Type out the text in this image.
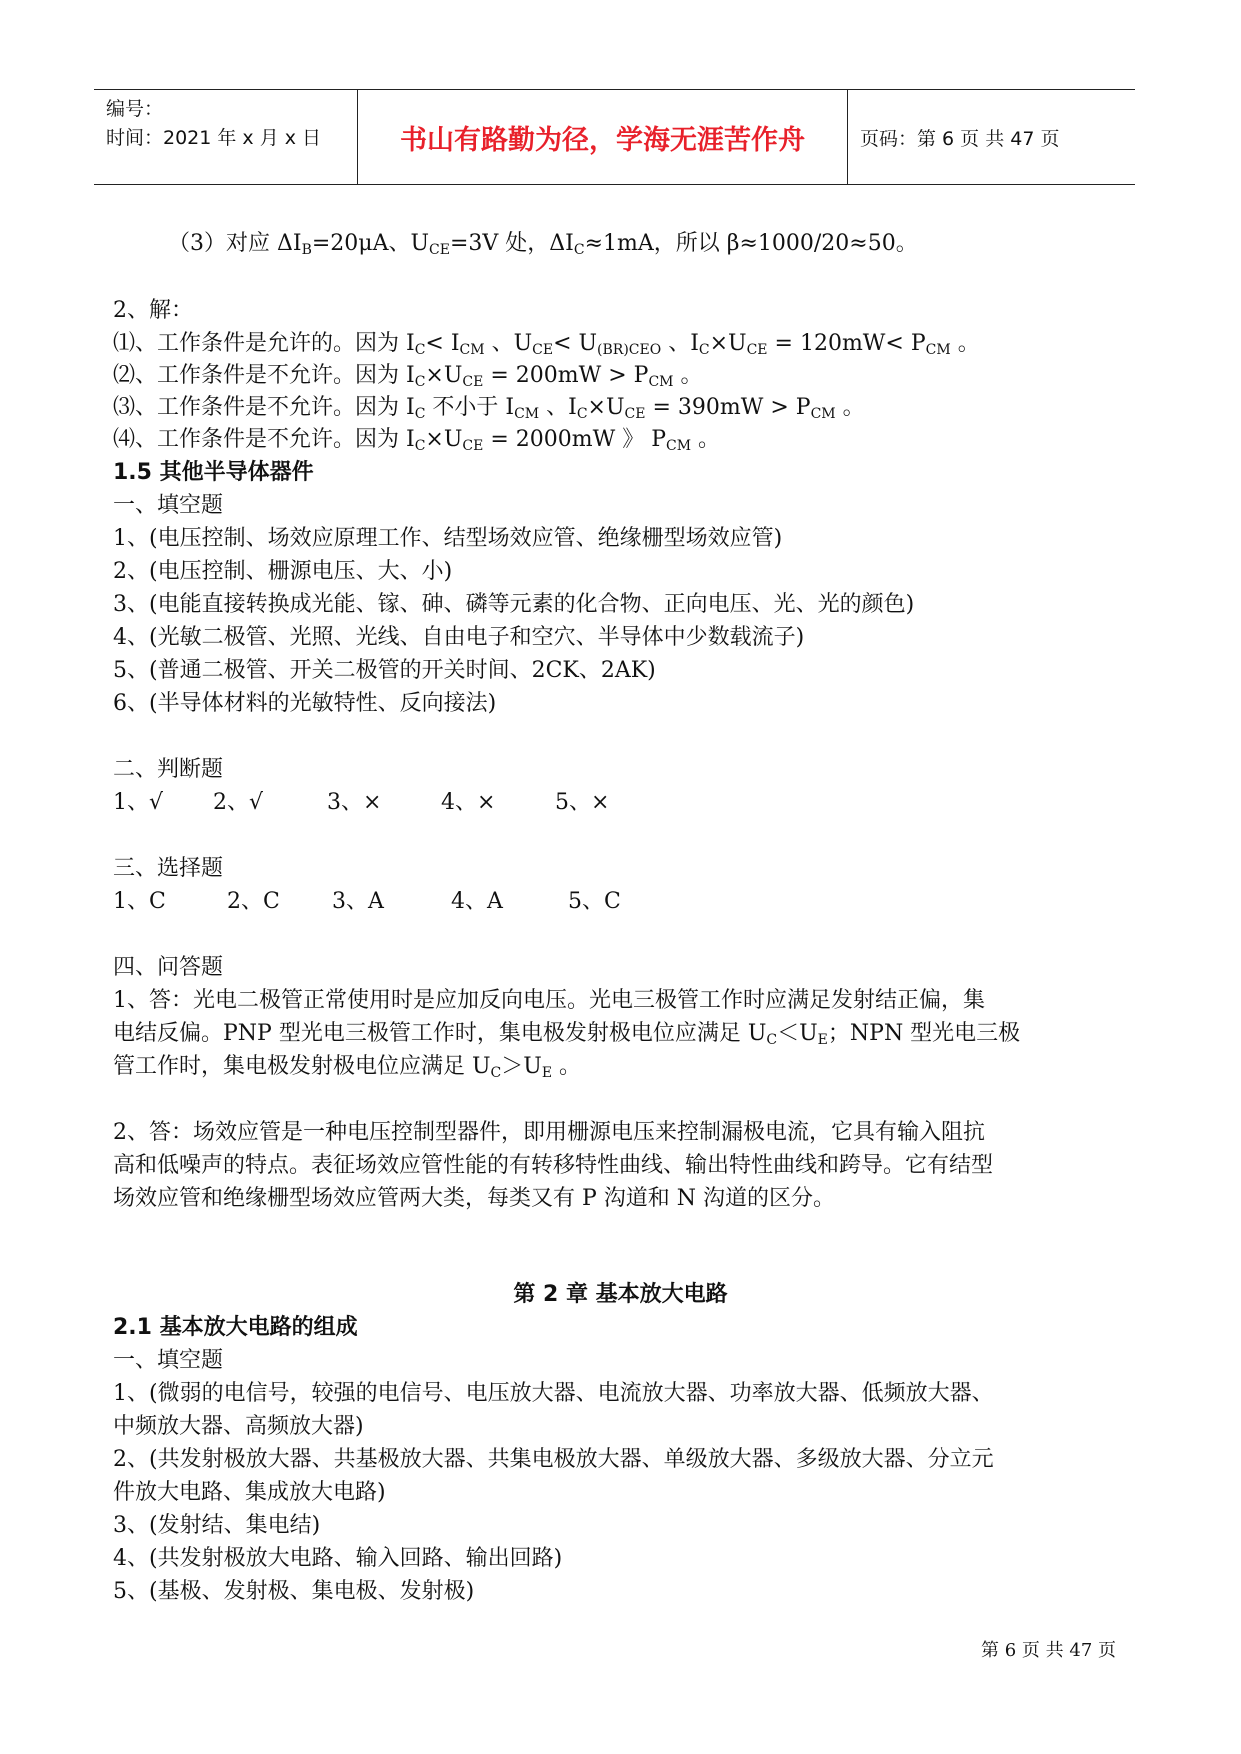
编号：
时间：2021 年 x 月 x 日	书山有路勤为径，学海无涯苦作舟	页码：第 6 页 共 47 页
（3）对应 $\Delta I_B=20\mu A$、$U_{CE}=3V$ 处，$\Delta I_C\approx 1mA$，所以 β≈1000/20≈50。
2、解：
⑴、工作条件是允许的。因为 $I_C< I_{CM}$ 、$U_{CE}< U_{(BR)CEO}$ 、$I_C\times U_{CE} = 120mW< P_{CM}$ 。
⑵、工作条件是不允许。因为 $I_C\times U_{CE} = 200mW > P_{CM}$ 。
⑶、工作条件是不允许。因为 $I_C$ 不小于 $I_{CM}$ 、$I_C\times U_{CE} = 390mW > P_{CM}$ 。
⑷、工作条件是不允许。因为 $I_C\times U_{CE} = 2000mW$ 》 $P_{CM}$ 。
1.5 其他半导体器件
一、填空题
1、(电压控制、场效应原理工作、结型场效应管、绝缘栅型场效应管)
2、(电压控制、栅源电压、大、小)
3、(电能直接转换成光能、镓、砷、磷等元素的化合物、正向电压、光、光的颜色)
4、(光敏二极管、光照、光线、自由电子和空穴、半导体中少数载流子)
5、(普通二极管、开关二极管的开关时间、2CK、2AK)
6、(半导体材料的光敏特性、反向接法)
二、判断题
1、√ 2、√	3、×	4、×	5、×
三、选择题
1、C	2、C 3、A	4、A	5、C
四、问答题
1、答：光电二极管正常使用时是应加反向电压。光电三极管工作时应满足发射结正偏，集
电结反偏。PNP 型光电三极管工作时，集电极发射极电位应满足 $U_C<U_E$；NPN 型光电三极
管工作时，集电极发射极电位应满足 $U_C>U_E$ 。
2、答：场效应管是一种电压控制型器件，即用栅源电压来控制漏极电流，它具有输入阻抗
高和低噪声的特点。表征场效应管性能的有转移特性曲线、输出特性曲线和跨导。它有结型
场效应管和绝缘栅型场效应管两大类，每类又有 P 沟道和 N 沟道的区分。
第 2 章 基本放大电路
2.1 基本放大电路的组成
一、填空题
1、(微弱的电信号，较强的电信号、电压放大器、电流放大器、功率放大器、低频放大器、
中频放大器、高频放大器)
2、(共发射极放大器、共基极放大器、共集电极放大器、单级放大器、多级放大器、分立元
件放大电路、集成放大电路)
3、(发射结、集电结)
4、(共发射极放大电路、输入回路、输出回路)
5、(基极、发射极、集电极、发射极)
第 6 页 共 47 页
